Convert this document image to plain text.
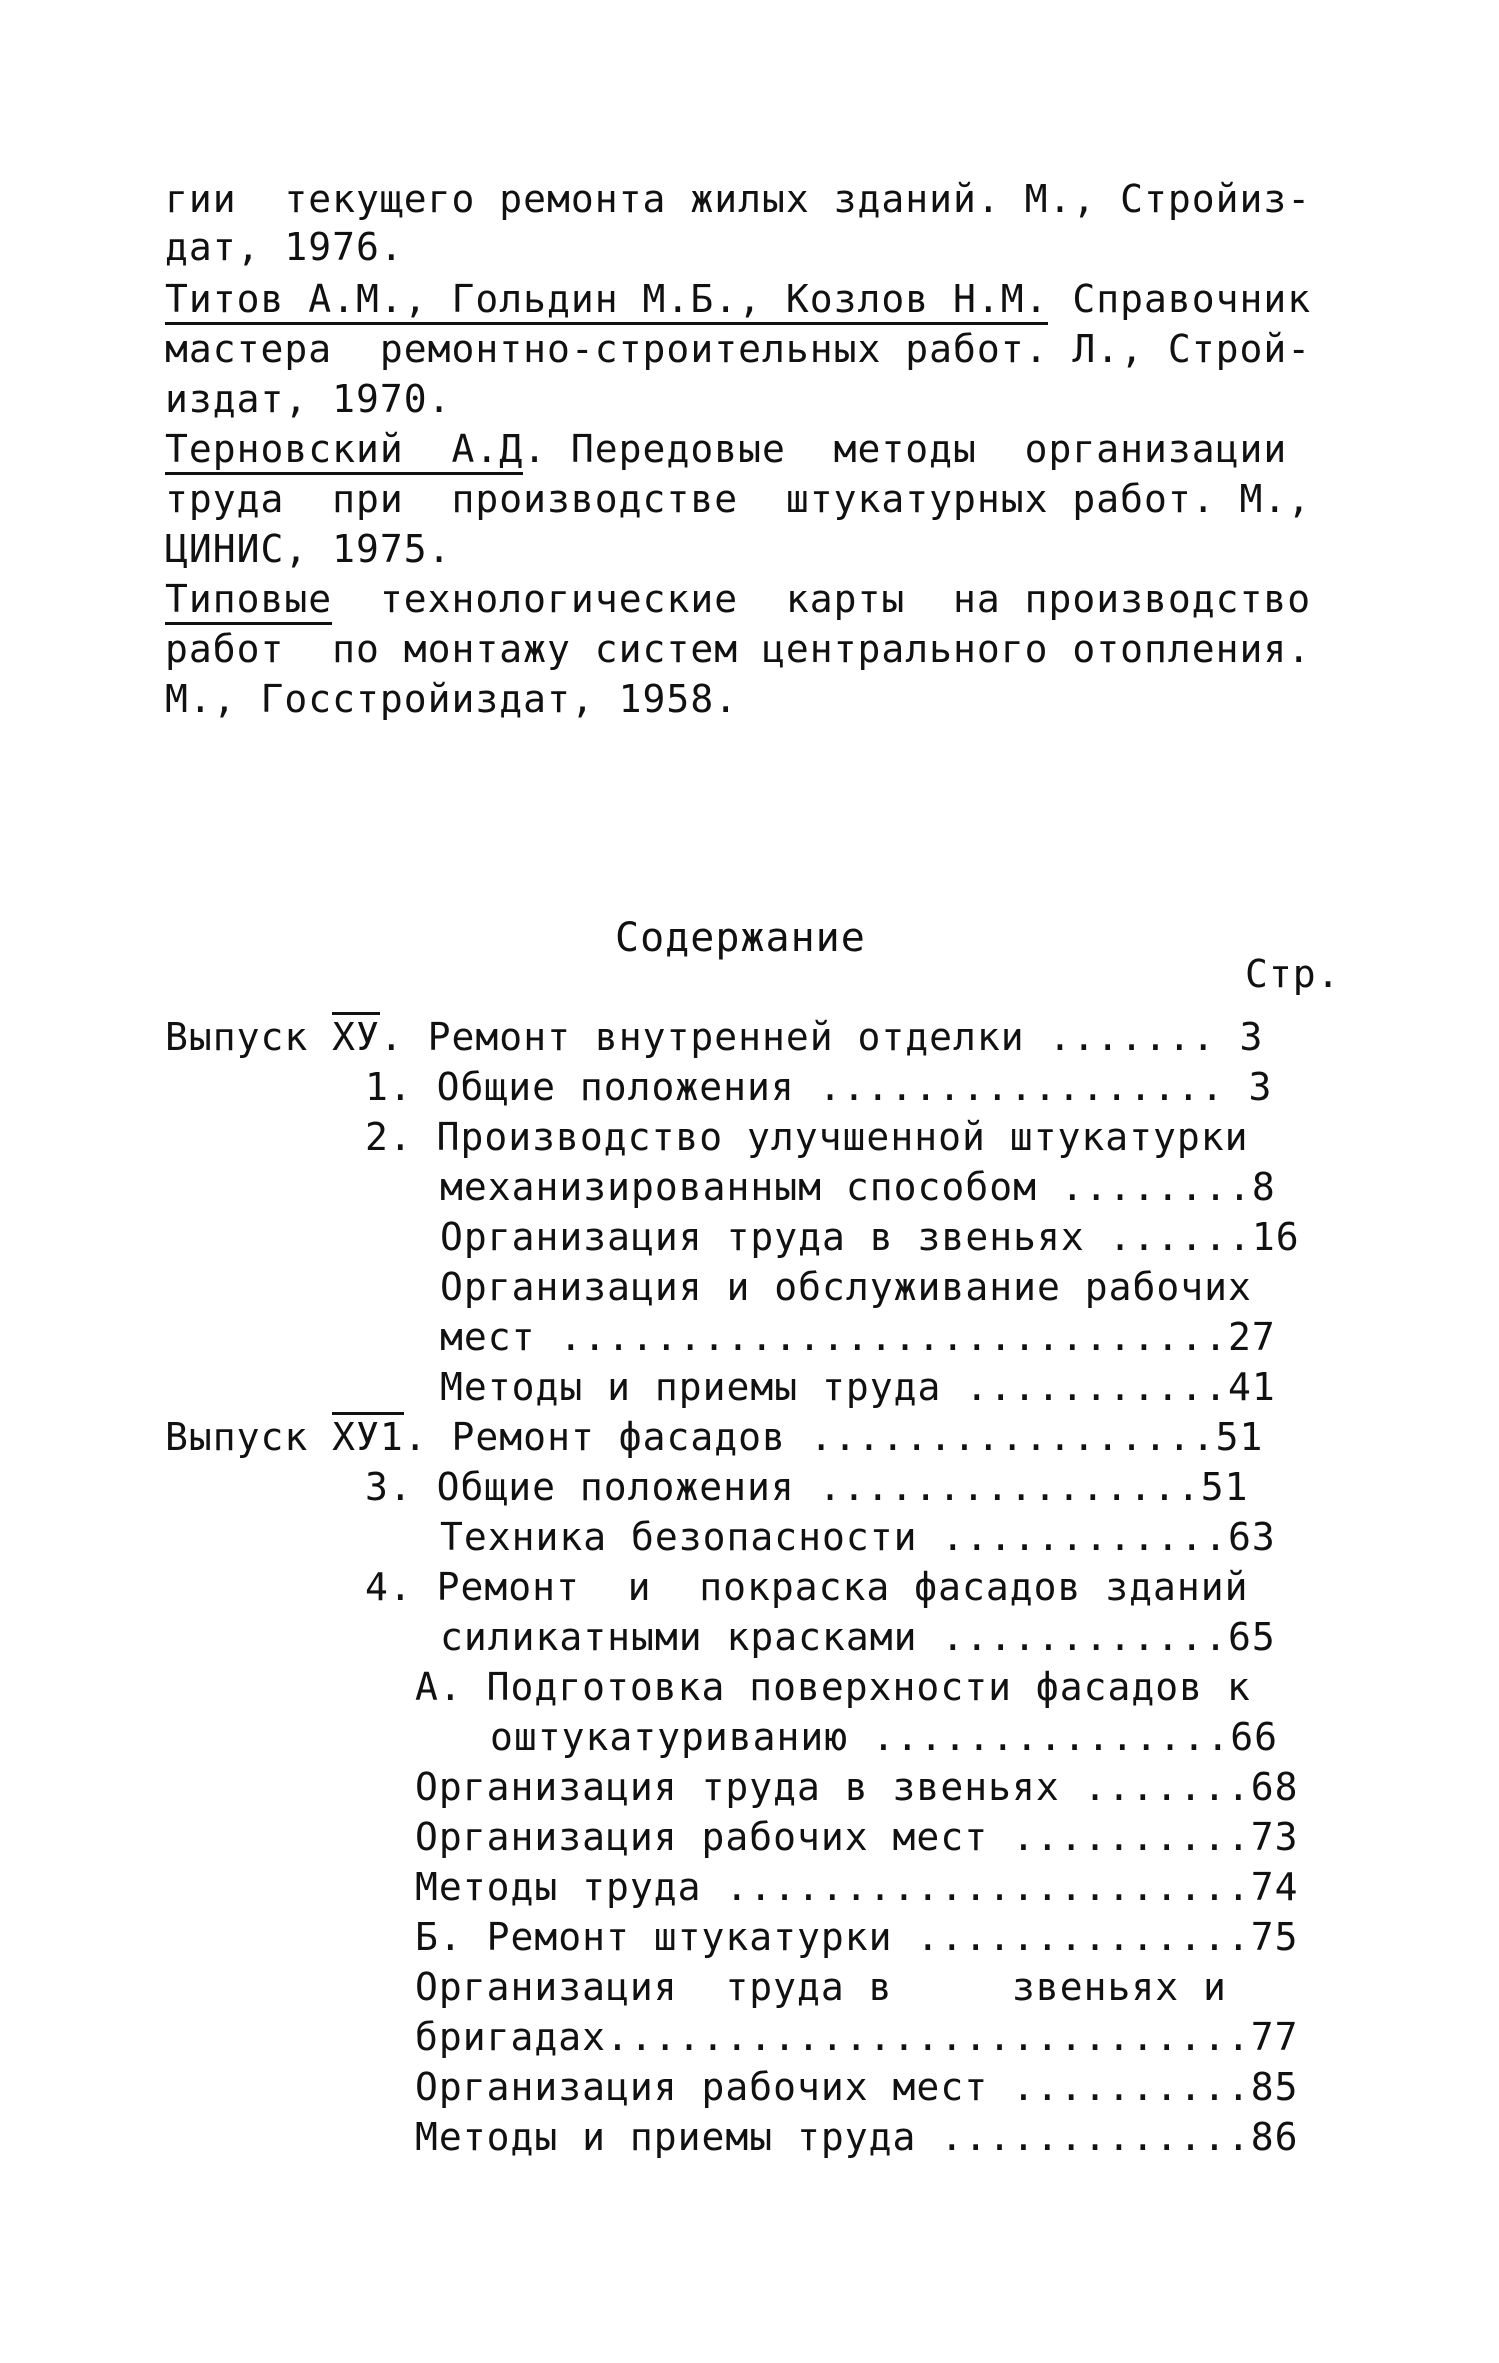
гии  текущего ремонта жилых зданий. М., Стройиз-
дат, 1976.
Титов А.М., Гольдин М.Б., Козлов Н.М. Справочник
мастера  ремонтно-строительных работ. Л., Строй-
издат, 1970.
Терновский  А.Д. Передовые  методы  организации
труда  при  производстве  штукатурных работ. М.,
ЦИНИС, 1975.
Типовые  технологические  карты  на производство
работ  по монтажу систем центрального отопления.
М., Госстройиздат, 1958.
Содержание
Стр.
Выпуск ХУ. Ремонт внутренней отделки ....... 3
1. Общие положения ................. 3
2. Производство улучшенной штукатурки
механизированным способом ........8
Организация труда в звеньях ......16
Организация и обслуживание рабочих
мест ............................27
Методы и приемы труда ...........41
Выпуск ХУ1. Ремонт фасадов .................51
3. Общие положения ................51
Техника безопасности ............63
4. Ремонт  и  покраска фасадов зданий
силикатными красками ............65
А. Подготовка поверхности фасадов к
оштукатуриванию ...............66
Организация труда в звеньях .......68
Организация рабочих мест ..........73
Методы труда ......................74
Б. Ремонт штукатурки ..............75
Организация  труда в     звеньях и
бригадах...........................77
Организация рабочих мест ..........85
Методы и приемы труда .............86
